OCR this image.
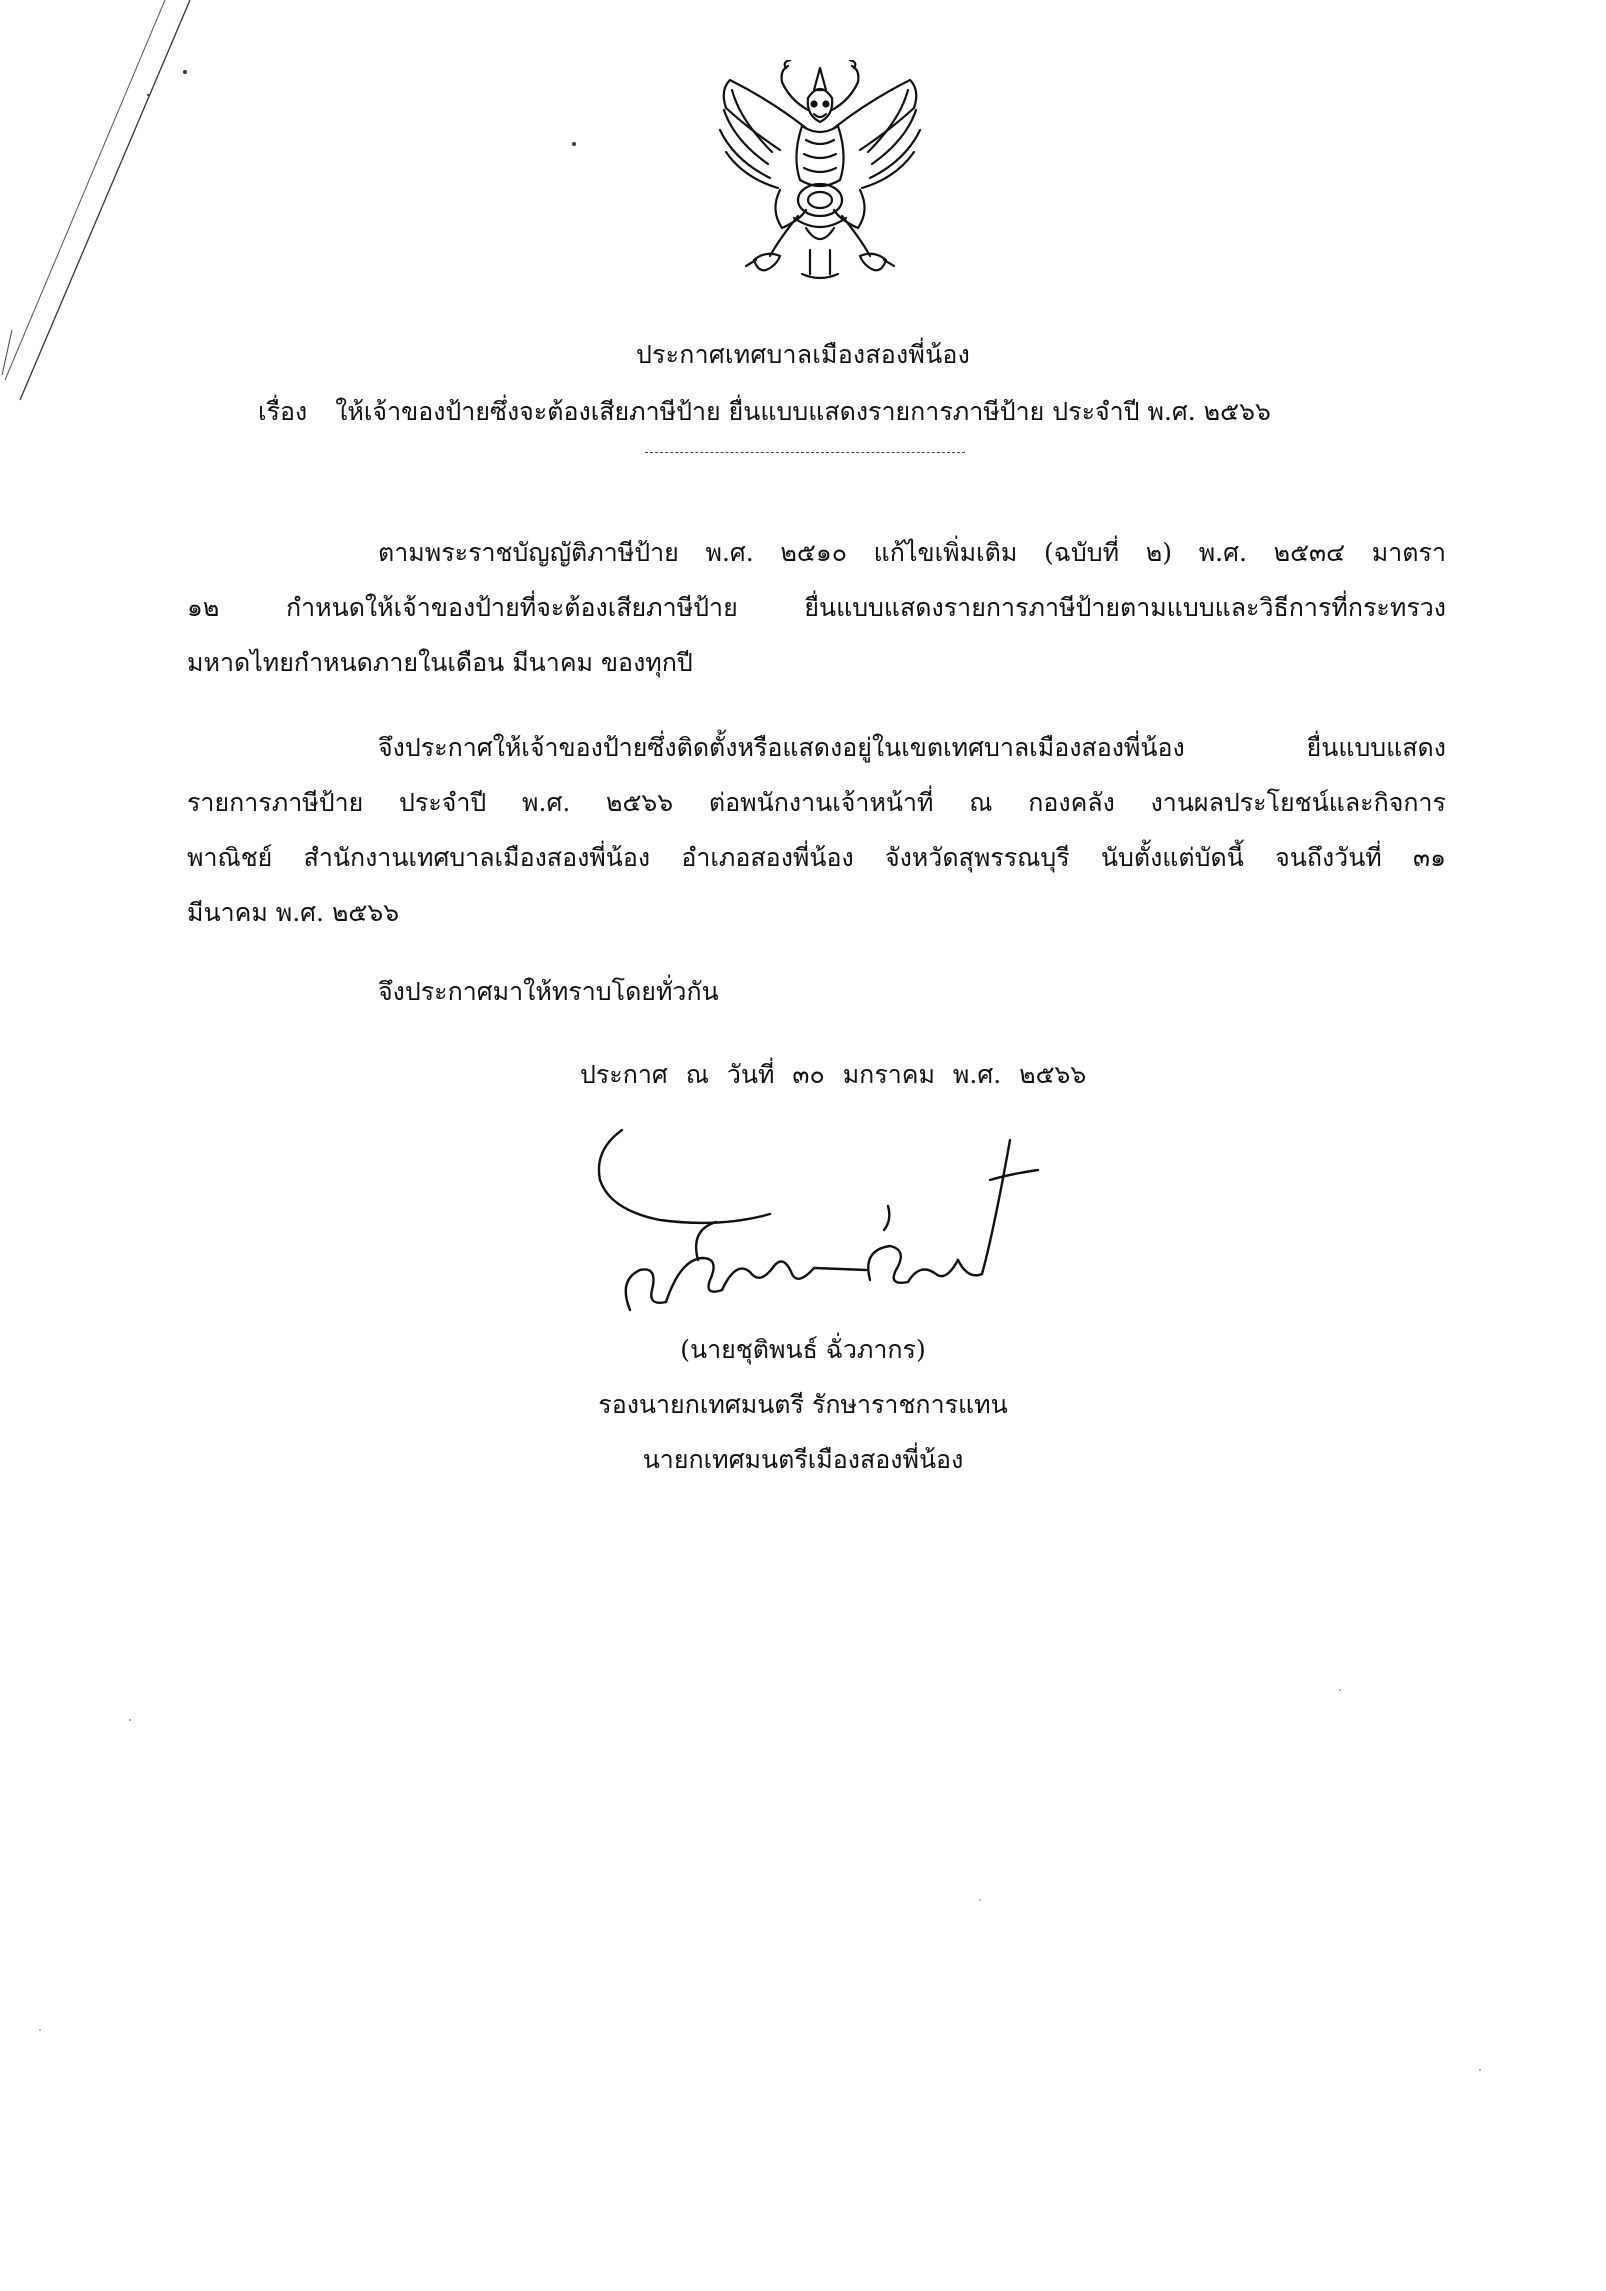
ประกาศเทศบาลเมืองสองพี่น้อง
เรื่อง ให้เจ้าของป้ายซึ่งจะต้องเสียภาษีป้าย ยื่นแบบแสดงรายการภาษีป้าย ประจำปี พ.ศ. ๒๕๖๖
ตามพระราชบัญญัติภาษีป้าย พ.ศ. ๒๕๑๐ แก้ไขเพิ่มเติม (ฉบับที่ ๒) พ.ศ. ๒๕๓๔ มาตรา
๑๒ กำหนดให้เจ้าของป้ายที่จะต้องเสียภาษีป้าย ยื่นแบบแสดงรายการภาษีป้ายตามแบบและวิธีการที่กระทรวง
มหาดไทยกำหนดภายในเดือน มีนาคม ของทุกปี
จึงประกาศให้เจ้าของป้ายซึ่งติดตั้งหรือแสดงอยู่ในเขตเทศบาลเมืองสองพี่น้อง ยื่นแบบแสดง
รายการภาษีป้าย ประจำปี พ.ศ. ๒๕๖๖ ต่อพนักงานเจ้าหน้าที่ ณ กองคลัง งานผลประโยชน์และกิจการ
พาณิชย์ สำนักงานเทศบาลเมืองสองพี่น้อง อำเภอสองพี่น้อง จังหวัดสุพรรณบุรี นับตั้งแต่บัดนี้ จนถึงวันที่ ๓๑
มีนาคม พ.ศ. ๒๕๖๖
จึงประกาศมาให้ทราบโดยทั่วกัน
ประกาศ ณ วันที่ ๓๐ มกราคม พ.ศ. ๒๕๖๖
(นายชุติพนธ์ ฉั่วภากร)
รองนายกเทศมนตรี รักษาราชการแทน
นายกเทศมนตรีเมืองสองพี่น้อง
